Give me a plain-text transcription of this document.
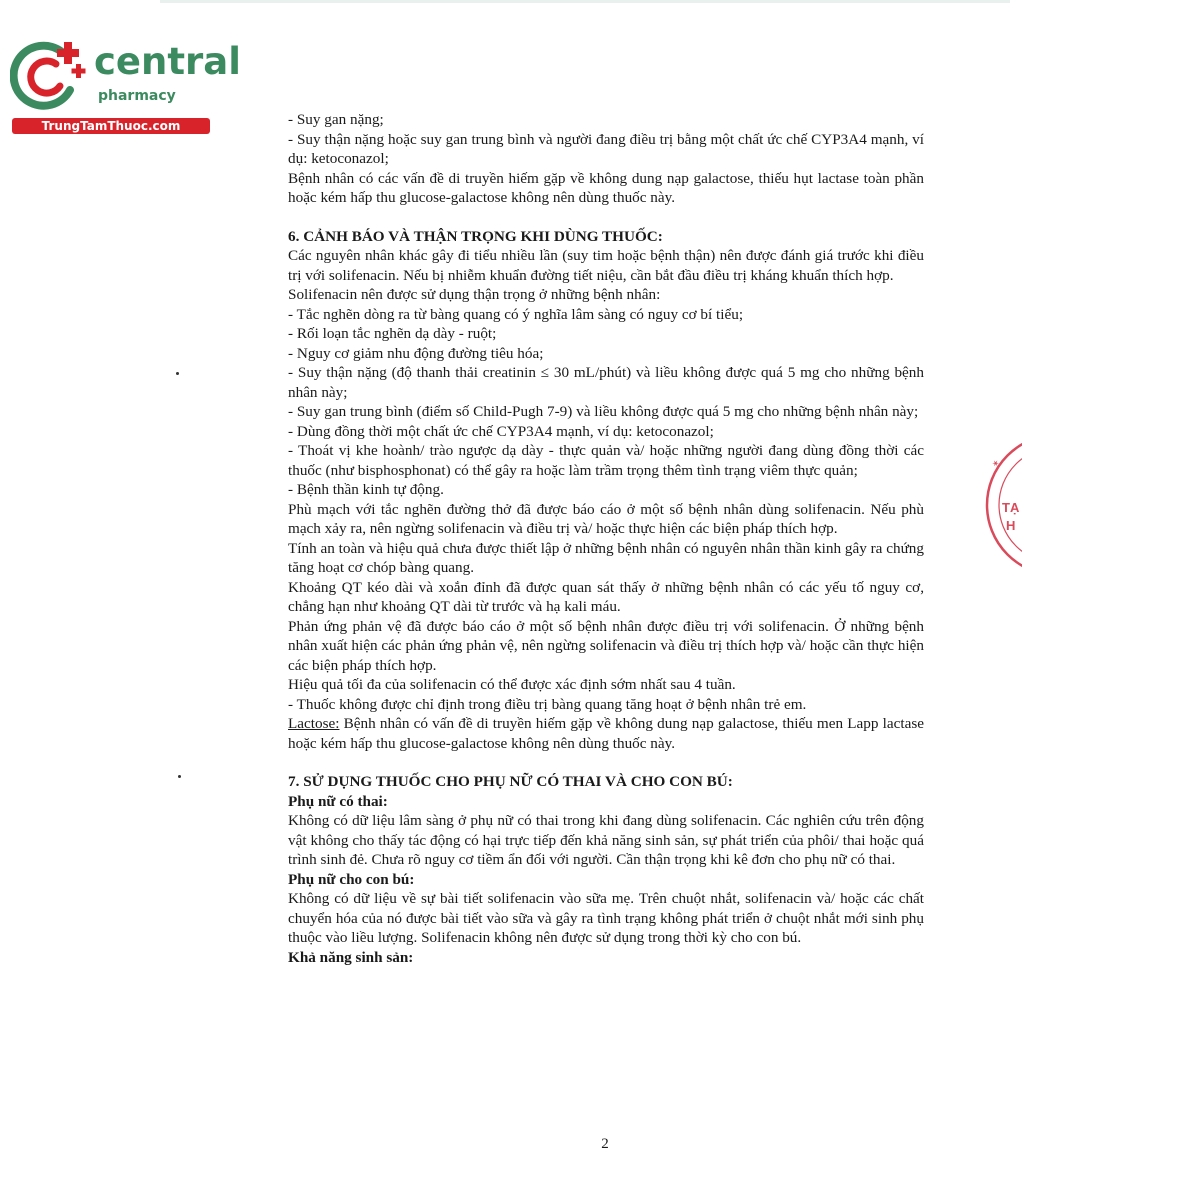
central
pharmacy
TrungTamThuoc.com
TẠ
H
✶

- Suy gan nặng;

- Suy thận nặng hoặc suy gan trung bình và người đang điều trị bằng một chất ức chế CYP3A4 mạnh, ví dụ: ketoconazol;

Bệnh nhân có các vấn đề di truyền hiếm gặp về không dung nạp galactose, thiếu hụt lactase toàn phần hoặc kém hấp thu glucose-galactose không nên dùng thuốc này.

6. CẢNH BÁO VÀ THẬN TRỌNG KHI DÙNG THUỐC:

Các nguyên nhân khác gây đi tiểu nhiều lần (suy tim hoặc bệnh thận) nên được đánh giá trước khi điều trị với solifenacin. Nếu bị nhiễm khuẩn đường tiết niệu, cần bắt đầu điều trị kháng khuẩn thích hợp.

Solifenacin nên được sử dụng thận trọng ở những bệnh nhân:

- Tắc nghẽn dòng ra từ bàng quang có ý nghĩa lâm sàng có nguy cơ bí tiểu;

- Rối loạn tắc nghẽn dạ dày - ruột;

- Nguy cơ giảm nhu động đường tiêu hóa;

- Suy thận nặng (độ thanh thải creatinin ≤ 30 mL/phút) và liều không được quá 5 mg cho những bệnh nhân này;

- Suy gan trung bình (điểm số Child-Pugh 7-9) và liều không được quá 5 mg cho những bệnh nhân này;

- Dùng đồng thời một chất ức chế CYP3A4 mạnh, ví dụ: ketoconazol;

- Thoát vị khe hoành/ trào ngược dạ dày - thực quản và/ hoặc những người đang dùng đồng thời các thuốc (như bisphosphonat) có thể gây ra hoặc làm trầm trọng thêm tình trạng viêm thực quản;

- Bệnh thần kinh tự động.

Phù mạch với tắc nghẽn đường thở đã được báo cáo ở một số bệnh nhân dùng solifenacin. Nếu phù mạch xảy ra, nên ngừng solifenacin và điều trị và/ hoặc thực hiện các biện pháp thích hợp.

Tính an toàn và hiệu quả chưa được thiết lập ở những bệnh nhân có nguyên nhân thần kinh gây ra chứng tăng hoạt cơ chóp bàng quang.

Khoảng QT kéo dài và xoắn đỉnh đã được quan sát thấy ở những bệnh nhân có các yếu tố nguy cơ, chẳng hạn như khoảng QT dài từ trước và hạ kali máu.

Phản ứng phản vệ đã được báo cáo ở một số bệnh nhân được điều trị với solifenacin. Ở những bệnh nhân xuất hiện các phản ứng phản vệ, nên ngừng solifenacin và điều trị thích hợp và/ hoặc cần thực hiện các biện pháp thích hợp.

Hiệu quả tối đa của solifenacin có thể được xác định sớm nhất sau 4 tuần.

- Thuốc không được chỉ định trong điều trị bàng quang tăng hoạt ở bệnh nhân trẻ em.

Lactose: Bệnh nhân có vấn đề di truyền hiếm gặp về không dung nạp galactose, thiếu men Lapp lactase hoặc kém hấp thu glucose-galactose không nên dùng thuốc này.

7. SỬ DỤNG THUỐC CHO PHỤ NỮ CÓ THAI VÀ CHO CON BÚ:

Phụ nữ có thai:

Không có dữ liệu lâm sàng ở phụ nữ có thai trong khi đang dùng solifenacin. Các nghiên cứu trên động vật không cho thấy tác động có hại trực tiếp đến khả năng sinh sản, sự phát triển của phôi/ thai hoặc quá trình sinh đẻ. Chưa rõ nguy cơ tiềm ẩn đối với người. Cần thận trọng khi kê đơn cho phụ nữ có thai.

Phụ nữ cho con bú:

Không có dữ liệu về sự bài tiết solifenacin vào sữa mẹ. Trên chuột nhắt, solifenacin và/ hoặc các chất chuyển hóa của nó được bài tiết vào sữa và gây ra tình trạng không phát triển ở chuột nhắt mới sinh phụ thuộc vào liều lượng. Solifenacin không nên được sử dụng trong thời kỳ cho con bú.

Khả năng sinh sản:

2
